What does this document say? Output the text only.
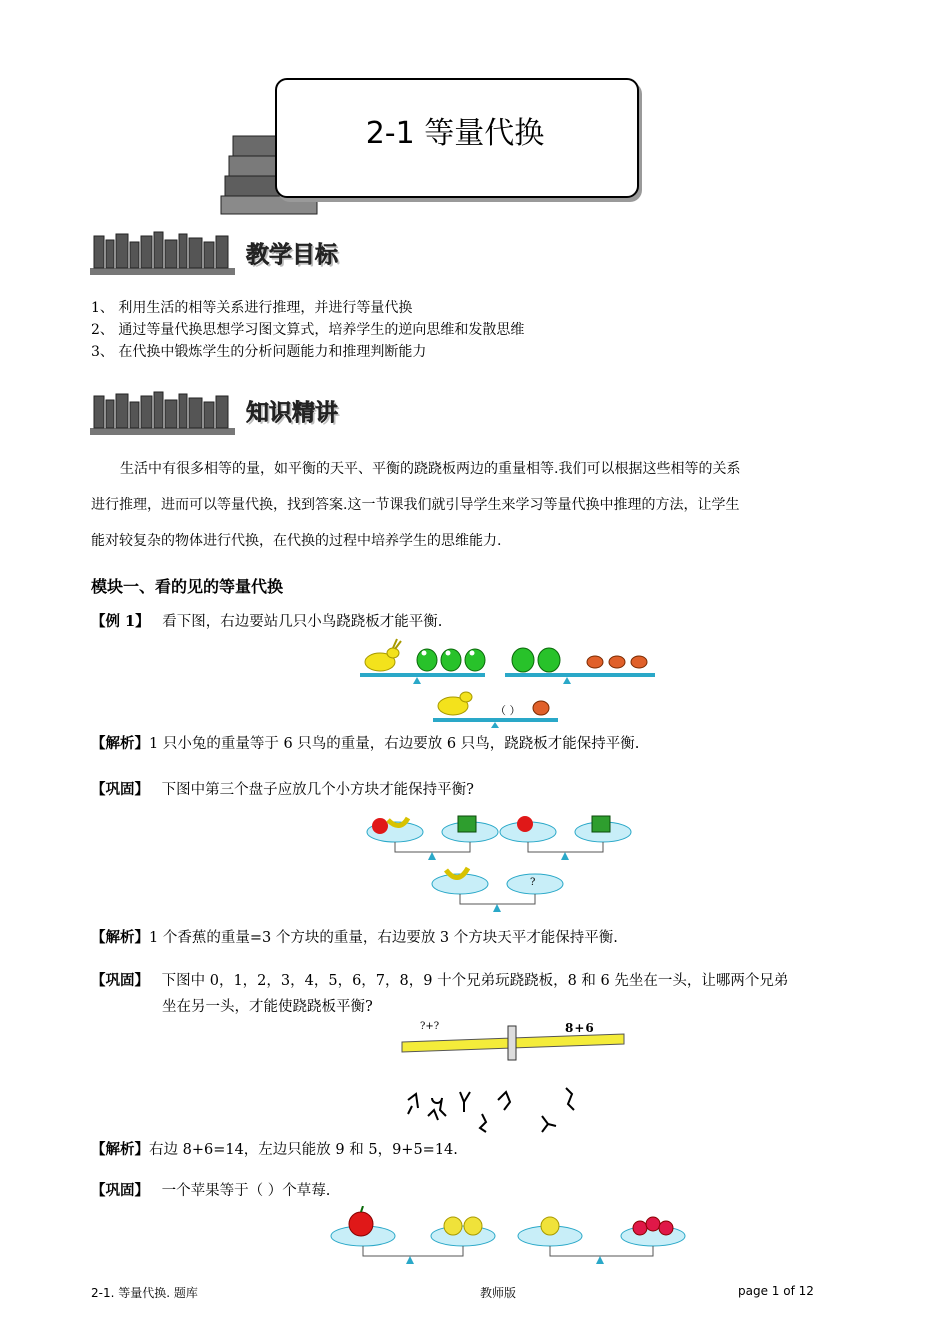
2-1 等量代换
教学目标
1、 利用生活的相等关系进行推理，并进行等量代换
2、 通过等量代换思想学习图文算式，培养学生的逆向思维和发散思维
3、 在代换中锻炼学生的分析问题能力和推理判断能力
知识精讲
生活中有很多相等的量，如平衡的天平、平衡的跷跷板两边的重量相等.我们可以根据这些相等的关系
进行推理，进而可以等量代换，找到答案.这一节课我们就引导学生来学习等量代换中推理的方法，让学生
能对较复杂的物体进行代换，在代换的过程中培养学生的思维能力.
模块一、看的见的等量代换
【例 1】 看下图，右边要站几只小鸟跷跷板才能平衡.
（ ）
【解析】1 只小兔的重量等于 6 只鸟的重量，右边要放 6 只鸟，跷跷板才能保持平衡.
【巩固】 下图中第三个盘子应放几个小方块才能保持平衡?
?
【解析】1 个香蕉的重量=3 个方块的重量，右边要放 3 个方块天平才能保持平衡.
【巩固】 下图中 0，1，2，3，4，5，6，7，8，9 十个兄弟玩跷跷板，8 和 6 先坐在一头，让哪两个兄弟
坐在另一头，才能使跷跷板平衡?
?+?	8+6
【解析】右边 8+6=14，左边只能放 9 和 5，9+5=14.
【巩固】 一个苹果等于（ ）个草莓.
2-1. 等量代换. 题库	教师版	page 1 of 12
